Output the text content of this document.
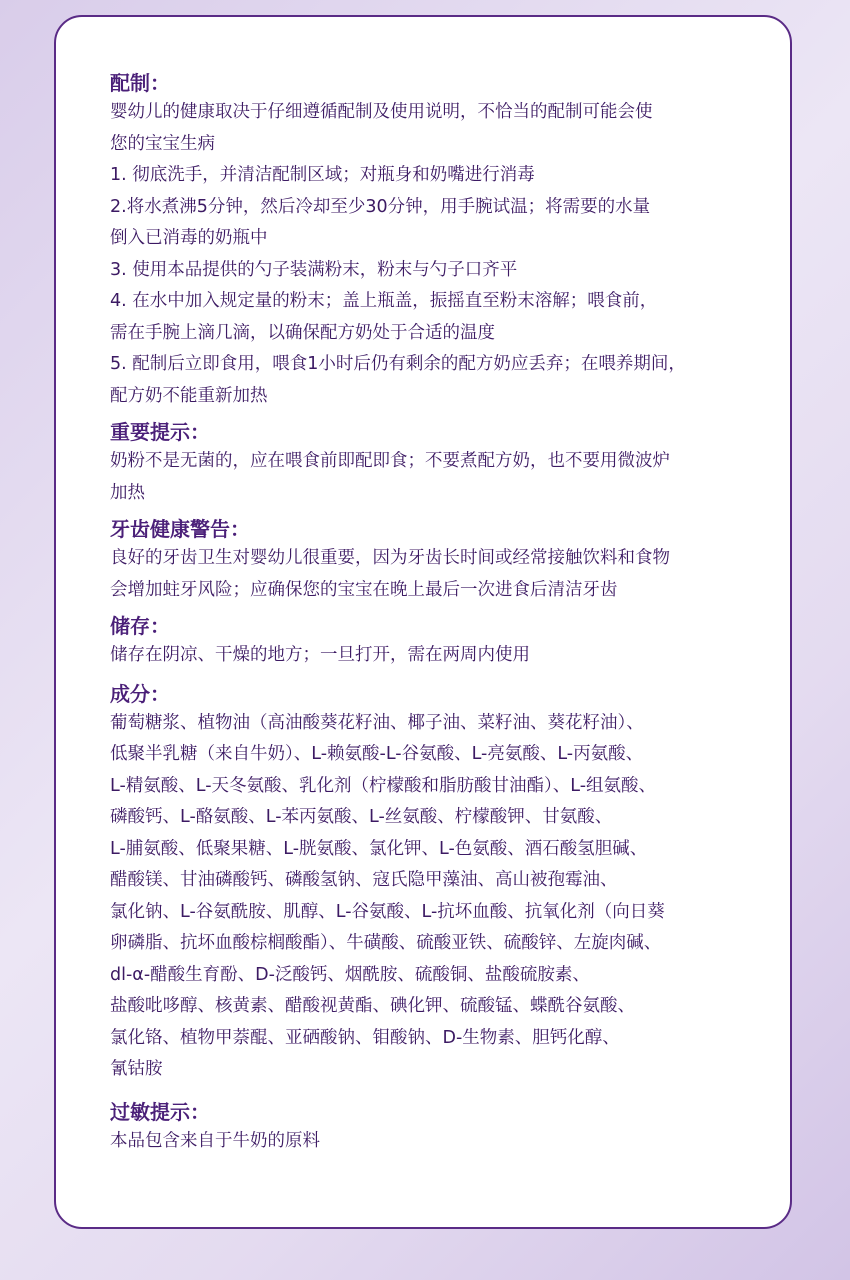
配制：
婴幼儿的健康取决于仔细遵循配制及使用说明，不恰当的配制可能会使
您的宝宝生病
1. 彻底洗手，并清洁配制区域；对瓶身和奶嘴进行消毒
2.将水煮沸5分钟，然后冷却至少30分钟，用手腕试温；将需要的水量
倒入已消毒的奶瓶中
3. 使用本品提供的勺子装满粉末，粉末与勺子口齐平
4. 在水中加入规定量的粉末；盖上瓶盖，振摇直至粉末溶解；喂食前，
需在手腕上滴几滴，以确保配方奶处于合适的温度
5. 配制后立即食用，喂食1小时后仍有剩余的配方奶应丢弃；在喂养期间，
配方奶不能重新加热
重要提示：
奶粉不是无菌的，应在喂食前即配即食；不要煮配方奶，也不要用微波炉
加热
牙齿健康警告：
良好的牙齿卫生对婴幼儿很重要，因为牙齿长时间或经常接触饮料和食物
会增加蛀牙风险；应确保您的宝宝在晚上最后一次进食后清洁牙齿
储存：
储存在阴凉、干燥的地方；一旦打开，需在两周内使用
成分：
葡萄糖浆、植物油（高油酸葵花籽油、椰子油、菜籽油、葵花籽油）、
低聚半乳糖（来自牛奶）、L-赖氨酸-L-谷氨酸、L-亮氨酸、L-丙氨酸、
L-精氨酸、L-天冬氨酸、乳化剂（柠檬酸和脂肪酸甘油酯）、L-组氨酸、
磷酸钙、L-酪氨酸、L-苯丙氨酸、L-丝氨酸、柠檬酸钾、甘氨酸、
L-脯氨酸、低聚果糖、L-胱氨酸、氯化钾、L-色氨酸、酒石酸氢胆碱、
醋酸镁、甘油磷酸钙、磷酸氢钠、寇氏隐甲藻油、高山被孢霉油、
氯化钠、L-谷氨酰胺、肌醇、L-谷氨酸、L-抗坏血酸、抗氧化剂（向日葵
卵磷脂、抗坏血酸棕榈酸酯）、牛磺酸、硫酸亚铁、硫酸锌、左旋肉碱、
dl-α-醋酸生育酚、D-泛酸钙、烟酰胺、硫酸铜、盐酸硫胺素、
盐酸吡哆醇、核黄素、醋酸视黄酯、碘化钾、硫酸锰、蝶酰谷氨酸、
氯化铬、植物甲萘醌、亚硒酸钠、钼酸钠、D-生物素、胆钙化醇、
氰钴胺
过敏提示：
本品包含来自于牛奶的原料
